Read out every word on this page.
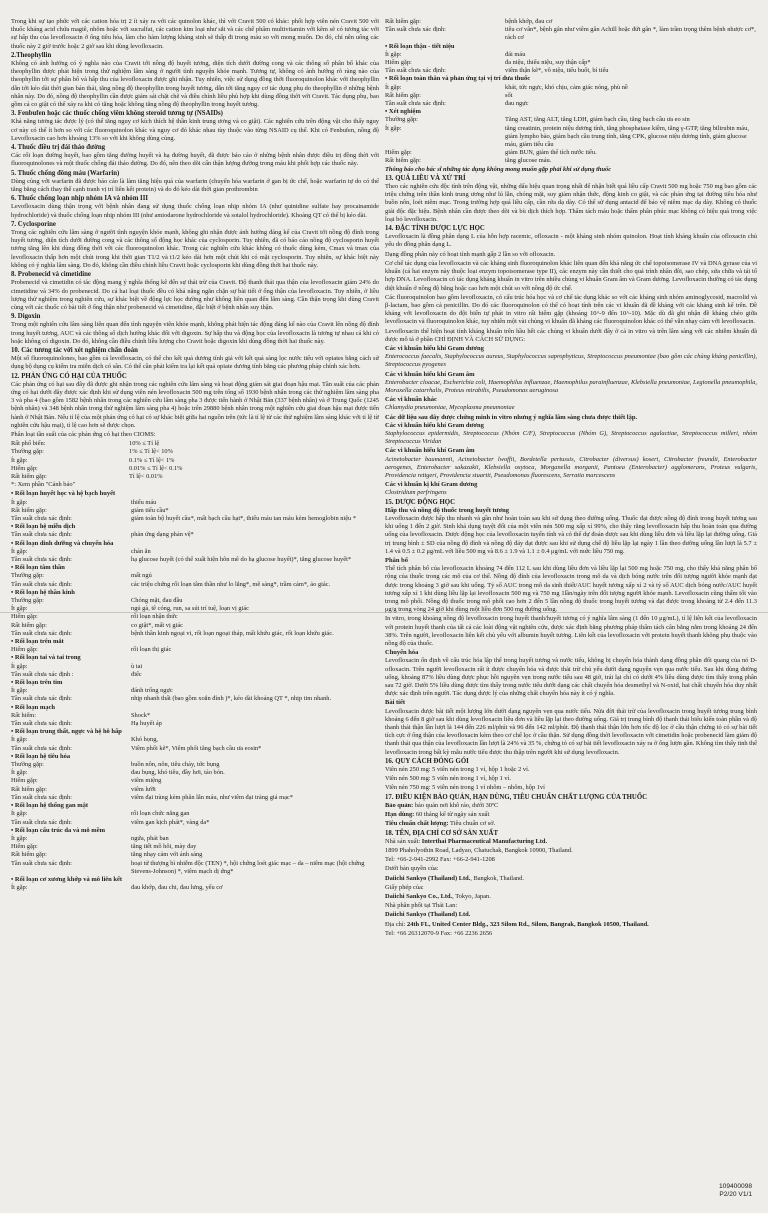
Trong khi sự tạo phức với các cation hóa trị 2 ít xảy ra với các quinolon khác, thì với Cravit 500 có khác: phối hợp viên nén Cravit 500 với thuốc kháng acid chứa magiê, nhôm hoặc với sucralfat, các cation kim loại như sắt và các chế phẩm multivitamin với kẽm sẽ có tương tác với sự hấp thu của levofloxacin ở ống tiêu hóa, làm cho hàm lượng kháng sinh sẽ thấp đi trong máu so với mong muốn. Do đó, chỉ nên uống các thuốc này 2 giờ trước hoặc 2 giờ sau khi dùng levofloxacin.

2.Theophyllin

Không có ảnh hưởng có ý nghĩa nào của Cravit tới nồng độ huyết tương, diện tích dưới đường cong và các thông số phân bố khác của theophyllin được phát hiện trong thử nghiệm lâm sàng ở người tình nguyện khỏe mạnh. Tương tự, không có ảnh hưởng rõ ràng nào của theophyllin tới sự phân bố và hấp thu của levofloxacin được ghi nhận. Tuy nhiên, việc sử dụng đồng thời fluoroquinolon khác với theophyllin dẫn tới kéo dài thời gian bán thải, tăng nồng độ theophyllin trong huyết tương, dẫn tới tăng nguy cơ tác dụng phụ do theophyllin ở những bệnh nhân này. Do đó, nồng độ theophyllin cần được giám sát chặt chẽ và điều chỉnh liều phù hợp khi dùng đồng thời với Cravit. Tác dụng phụ, bao gồm cả co giật có thể xảy ra khi có tăng hoặc không tăng nồng độ theophyllin trong huyết tương.

3. Fenbufen hoặc các thuốc chống viêm không steroid tương tự (NSAIDs)

Khả năng tương tác được lý (có thể tăng nguy cơ kích thích hệ thần kinh trung ương và co giật). Các nghiên cứu trên động vật cho thấy nguy cơ này có thể ít hơn so với các fluoroquinolon khác và nguy cơ đó khác nhau tùy thuộc vào từng NSAID cụ thể. Khi có Fenbufen, nồng độ Levofloxacin cao hơn khoảng 13% so với khi không dùng cùng.

4. Thuốc điều trị đái tháo đường

Các rối loạn đường huyết, bao gồm tăng đường huyết và hạ đường huyết, đã được báo cáo ở những bệnh nhân được điều trị đồng thời với fluoroquinolones và một thuốc chống đái tháo đường. Do đó, nên theo dõi cẩn thận lượng đường trong máu khi phối hợp các thuốc này.

5. Thuốc chống đông máu (Warfarin)

Dùng cùng với warfarin đã được báo cáo là làm tăng hiệu quả của warfarin (chuyển hóa warfarin ở gan bị ức chế, hoặc warfarin tự do có thể tăng bằng cách thay thế cạnh tranh vị trí liên kết protein) và do đó kéo dài thời gian prothrombin

6. Thuốc chống loạn nhịp nhóm IA và nhóm III

Levofloxacin dùng thận trọng với bệnh nhân đang sử dụng thuốc chống loạn nhịp nhóm IA (như quinidine sulfate hay procainamide hydrochloride) và thuốc chống loạn nhịp nhóm III (như amiodarone hydrochloride và sotalol hydrochloride). Khoảng QT có thể bị kéo dài.

7. Cyclosporine

Trong các nghiên cứu lâm sàng ở người tình nguyện khỏe mạnh, không ghi nhận được ảnh hưởng đáng kể của Cravit tới nồng độ đỉnh trong huyết tương, diện tích dưới đường cong và các thông số động học khác của cyclosporin. Tuy nhiên, đã có báo cáo nồng độ cyclosporin huyết tương tăng lên khi dùng đồng thời với các fluoroquinolon khác. Trong các nghiên cứu khác không có thuốc dùng kèm, Cmax và tmax của levofloxacin thấp hơn một chút trong khi thời gian T1/2 và t1/2 kéo dài hơn một chút khi có mặt cyclosporin. Tuy nhiên, sự khác biệt này không có ý nghĩa lâm sàng. Do đó, không cần điều chỉnh liều Cravit hoặc cyclosporin khi dùng đồng thời hai thuốc này.

8. Probenecid và cimetidine

Probenecid và cimetidin có tác động mang ý nghĩa thống kê đến sự thải trừ của Cravit. Độ thanh thải qua thận của levofloxacin giảm 24% do cimetidine và 34% do probenecid. Do cả hai loại thuốc đều có khả năng ngăn chặn sự bài tiết ở ống thận của levofloxacin. Tuy nhiên, ở liều lượng thử nghiệm trong nghiên cứu, sự khác biệt về động lực học đường như không liên quan đến lâm sàng. Cần thận trọng khi dùng Cravit cùng với các thuốc có bài tiết ở ống thận như probenecid và cimetidine, đặc biệt ở bệnh nhân suy thận.

9. Digoxin

Trong một nghiên cứu lâm sàng liên quan đến tình nguyện viên khỏe mạnh, không phát hiện tác động đáng kể nào của Cravit lên nồng độ đỉnh trong huyết tương, AUC và các thông số dịch hướng khác đối với digoxin. Sự hấp thu và động học của levofloxacin là tương tự nhau cả khi có hoặc không có digoxin. Do đó, không cần điều chỉnh liều lượng cho Cravit hoặc digoxin khi dùng đồng thời hai thuốc này.

10. Các tương tác với xét nghiệm chẩn đoán

Một số fluoroquinolones, bao gồm cả levofloxacin, có thể cho kết quả dương tính giả với kết quả sàng lọc nước tiểu với opiates bằng cách sử dụng bộ dụng cụ kiểm tra miễn dịch có sẵn. Có thể cần phải kiểm tra lại kết quả opiate dương tính bằng các phương pháp chính xác hơn.

12. PHẢN ỨNG CÓ HẠI CỦA THUỐC

Các phản ứng có hại sau đây đã được ghi nhận trong các nghiên cứu lâm sàng và hoạt động giám sát giai đoạn hậu mại. Tần suất của các phản ứng có hại dưới đây được xác định khi sử dụng viên nén levofloxacin 500 mg trên tổng số 1930 bệnh nhân trong các thử nghiệm lâm sàng pha 3 và pha 4 (bao gồm 1582 bệnh nhân trong các nghiên cứu lâm sàng pha 3 được tiến hành ở Nhật Bản (337 bệnh nhân) và ở Trung Quốc (1245 bệnh nhân) và 348 bệnh nhân trong thử nghiệm lâm sàng pha 4) hoặc trên 29880 bệnh nhân trong một nghiên cứu giai đoạn hậu mại được tiến hành ở Nhật Bản. Nếu tỉ lệ của một phản ứng có hại có sự khác biệt giữa hai nguồn trên (tức là tỉ lệ từ các thử nghiệm lâm sàng khác với tỉ lệ từ nghiên cứu hậu mại), tỉ lệ cao hơn sẽ được chọn.

Phân loại tần suất của các phản ứng có hại theo CIOMS:

Rất phổ biến:	10% ≤ Tỉ lệ
Thường gặp:	1% ≤ Tỉ lệ< 10%
Ít gặp:	0.1% ≤ Tỉ lệ< 1%
Hiếm gặp:	0.01% ≤ Tỉ lệ< 0.1%
Rất hiếm gặp:	Tỉ lệ< 0.01%

*: Xem phần "Cảnh báo"

• Rối loạn huyết học và hệ bạch huyết
Ít gặp:	thiếu máu
Rất hiếm gặp:	giảm tiểu cầu*
Tần suất chưa xác định:	giảm toàn bộ huyết cầu*, mất bạch cầu hạt*, thiếu máu tan máu kèm hemoglobin niệu *
• Rối loạn hệ miễn dịch
Tần suất chưa xác định:	phản ứng dạng phản vệ*
• Rối loạn dinh dưỡng và chuyển hóa
Ít gặp:	chán ăn
Tần suất chưa xác định:	hạ glucose huyết (có thể xuất hiện hôn mê do hạ glucose huyết)*, tăng glucose huyết*
• Rối loạn tâm thần
Thường gặp:	mất ngủ
Tần suất chưa xác định:	các triệu chứng rối loạn tâm thần như lo lắng*, mê sảng*, trầm cảm*, ảo giác.
• Rối loạn hệ thần kinh
Thường gặp:	Chóng mặt, đau đầu
Ít gặp:	ngủ gà, tê cóng, run, sa sút trí tuệ, loạn vị giác
Hiếm gặp:	rối loạn nhận thức
Rất hiếm gặp:	co giật*, mất vị giác
Tần suất chưa xác định:	bệnh thần kinh ngoại vi, rối loạn ngoại tháp, mất khứu giác, rối loạn khứu giác.
• Rối loạn trên mắt
Hiếm gặp:	rối loạn thị giác
• Rối loạn tai và tai trong
Ít gặp:	ù tai
Tần suất chưa xác định :	điếc
• Rối loạn trên tim
Ít gặp:	đánh trống ngực
Tần suất chưa xác định:	nhịp nhanh thất (bao gồm xoắn đỉnh )*, kéo dài khoảng QT *, nhịp tim nhanh.
• Rối loạn mạch
Rất hiếm:	Shock*
Tần suất chưa xác định:	Hạ huyết áp
• Rối loạn trung thất, ngực và hệ hô hấp
Ít gặp:	Khó họng,
Tần suất chưa xác định:	Viêm phổi kẽ*, Viêm phổi tăng bạch cầu ưa eosin*
• Rối loạn hệ tiêu hóa
Thường gặp:	buồn nôn, nôn, tiêu chảy, tức bụng
Ít gặp:	đau bụng, khó tiêu, đầy hơi, táo bón.
Hiếm gặp:	viêm miệng
Rất hiếm gặp:	viêm lưỡi
Tần suất chưa xác định:	viêm đại tràng kèm phân lẫn máu, như viêm đại tràng giả mạc*
• Rối loạn hệ thống gan mật
Ít gặp:	rối loạn chức năng gan
Tần suất chưa xác định:	viêm gan kịch phát*, vàng da*
• Rối loạn cấu trúc da và mô mềm
Ít gặp:	ngứa, phát ban
Hiếm gặp:	tăng tiết mồ hôi, mày đay
Rất hiếm gặp:	tăng nhạy cảm với ánh sáng
Tần suất chưa xác định:	hoại tử thượng bì nhiễm độc (TEN) *, hội chứng loét giác mạc – da – niêm mạc (hội chứng Stevens-Johnson) *, viêm mạch dị ứng*
• Rối loạn cơ xương khớp và mô liên kết
Ít gặp:	đau khớp, đau chi, đau lưng, yếu cơ
Rất hiếm gặp:	bệnh khớp, đau cơ
Tần suất chưa xác định:	tiêu cơ vân*, bệnh gân như viêm gân Achill hoặc đứt gân *, làm trầm trọng thêm bệnh nhược cơ*, rách cơ
• Rối loạn thận - tiết niệu
Ít gặp:	đái máu
Hiếm gặp:	đa niệu, thiểu niệu, suy thận cấp*
Tần suất chưa xác định:	viêm thận kẽ*, vô niệu, tiểu buốt, bí tiểu
• Rối loạn toàn thân và phản ứng tại vị trí đưa thuốc
Ít gặp:	khát, tức ngực, khó chịu, cảm giác nóng, phù nề
Rất hiếm gặp:	sốt
Tần suất chưa xác định:	đau ngực
• Xét nghiệm
Thường gặp:	Tăng AST, tăng ALT, tăng LDH, giảm bạch cầu, tăng bạch cầu ưa eo sin
Ít gặp:	tăng creatinin, protein niệu dương tính, tăng phosphatase kiềm, tăng γ-GTP, tăng bilirubin máu, giảm lympho bào, giảm bạch cầu trung tính, tăng CPK, glucose niệu dương tính, giảm glucose máu, giảm tiểu cầu
Hiếm gặp:	giảm BUN, giảm thể tích nước tiểu.
Rất hiếm gặp:	tăng glucose máu.

Thông báo cho bác sĩ những tác dụng không mong muốn gặp phải khi sử dụng thuốc

13. QUÁ LIỀU VÀ XỬ TRÍ

Theo các nghiên cứu độc tính trên động vật, những dấu hiệu quan trọng nhất để nhận biết quá liều cấp Cravit 500 mg hoặc 750 mg bao gồm các triệu chứng trên thần kinh trung ương như lú lẫn, chóng mặt, suy giảm nhận thức, động kinh co giật, và các phản ứng tại đường tiêu hóa như buồn nôn, loét niêm mạc. Trong trường hợp quá liều cấp, cần rửa dạ dày. Có thể sử dụng antacid để bảo vệ niêm mạc dạ dày. Không có thuốc giải độc đặc hiệu. Bệnh nhân cần được theo dõi và bù dịch thích hợp. Thẩm tách máu hoặc thẩm phân phúc mạc không có hiệu quả trong việc loại bỏ levofloxacin.

14. ĐẶC TÍNH DƯỢC LỰC HỌC

Levofloxacin là đồng phân dạng L của hỗn hợp racemic, ofloxacin - một kháng sinh nhóm quinolon. Hoạt tính kháng khuẩn của ofloxacin chủ yếu do đồng phân dạng L.

Dạng đồng phân này có hoạt tính mạnh gấp 2 lần so với ofloxacin.

Cơ chế tác dụng của levofloxacin và các kháng sinh fluoroquinolon khác liên quan đến khả năng ức chế topoisomerase IV và DNA gyrase của vi khuẩn (cả hai enzym này thuộc loại enzym topoisomerase type II), các enzym này cần thiết cho quá trình nhân đôi, sao chép, sửa chữa và tái tổ hợp DNA. Levofloxacin có tác dụng kháng khuẩn in vitro trên nhiều chủng vi khuẩn Gram âm và Gram dương. Levofloxacin thường có tác dụng diệt khuẩn ở nồng độ bằng hoặc cao hơn một chút so với nồng độ ức chế.

Các fluoroquinolon bao gồm levofloxacin, có cấu trúc hóa học và cơ chế tác dụng khác so với các kháng sinh nhóm aminoglycosid, macrolid và β-lactam, bao gồm cả penicillin. Do đó các fluoroquinolon có thể có hoạt tính trên các vi khuẩn đã đề kháng với các kháng sinh kể trên. Đề kháng với levofloxacin do đột biến tự phát in vitro rất hiếm gặp (khoảng 10^-9 đến 10^-10). Mặc dù đã ghi nhận đề kháng chéo giữa levofloxacin và fluoroquinolon khác, tuy nhiên một vài chủng vi khuẩn đã kháng các fluoroquinolon khác có thể vẫn nhạy cảm với levofloxacin.

Levofloxacin thể hiện hoạt tính kháng khuẩn trên hầu hết các chủng vi khuẩn dưới đây ở cả in vitro và trên lâm sàng với các nhiễm khuẩn đã được mô tả ở phần CHỈ ĐỊNH VÀ CÁCH SỬ DỤNG:

Các vi khuẩn hiếu khí Gram dương

Enterococcus faecalis, Staphylococcus aureus, Staphylococcus saprophyticus, Streptococcus pneumoniae (bao gồm các chủng kháng penicillin), Streptococcus pyogenes

Các vi khuẩn hiếu khí Gram âm

Enterobacter cloacae, Escherichia coli, Haemophilus influenzae, Haemophilus parainfluenzae, Klebsiella pneumoniae, Legionella pneumophila, Moraxella catarrhalis, Proteus mirabilis, Pseudomonas aeruginosa

Các vi khuẩn khác

Chlamydia pneumoniae, Mycoplasma pneumoniae

Các dữ liệu sau đây được chứng minh in vitro nhưng ý nghĩa lâm sàng chưa được thiết lập.
Các vi khuẩn hiếu khí Gram dương

Staphylococcus epidermidis, Streptococcus (Nhóm C/F), Streptococcus (Nhóm G), Streptococcus agalactiae, Streptococcus milleri, nhóm Streptococcus Viridan

Các vi khuẩn hiếu khí Gram âm

Acinetobacter baumannii, Acinetobacter lwoffii, Bordetella pertussis, Citrobacter (diversus) koseri, Citrobacter freundii, Enterobacter aerogenes, Enterobacter sakazakii, Klebsiella oxytoca, Morganella morganii, Pantoea (Enterobacter) agglomerans, Proteus vulgaris, Providencia rettgeri, Providencia stuartii, Pseudomonas fluorescens, Serratia marcescens

Các vi khuẩn kị khí Gram dương

Clostridium perfringens

15. DƯỢC ĐỘNG HỌC
Hấp thu và nồng độ thuốc trong huyết tương

Levofloxacin được hấp thu nhanh và gần như hoàn toàn sau khi sử dụng theo đường uống. Thuốc đạt được nồng độ đỉnh trong huyết tương sau khi uống 1 đến 2 giờ. Sinh khả dụng tuyệt đối của một viên nén 500 mg xấp xỉ 99%, cho thấy rằng levofloxacin hấp thu hoàn toàn qua đường uống của levofloxacin. Dược động học của levofloxacin tuyến tính và có thể dự đoán được sau khi dùng liều đơn và liều lặp lại đường uống. Giá trị trung bình ± SD của nồng độ đỉnh và nồng độ đáy đạt được sau khi sử dụng chế độ liều lặp lại ngày 1 lần theo đường uống lần lượt là 5.7 ± 1.4 và 0.5 ± 0.2 μg/mL với liều 500 mg và 8.6 ± 1.9 và 1.1 ± 0.4 μg/mL với mức liều 750 mg.

Phân bố

Thể tích phân bố của levofloxacin khoảng 74 đến 112 L sau khi dùng liều đơn và liều lặp lại 500 mg hoặc 750 mg, cho thấy khả năng phân bố rộng của thuốc trong các mô của cơ thể. Nồng độ đỉnh của levofloxacin trong mô da và dịch bóng nước trên đối tượng người khỏe mạnh đạt được trong khoảng 3 giờ sau khi uống. Tỷ số AUC trong mô da sinh thiết/AUC huyết tương xấp xỉ 2 và tỷ số AUC dịch bóng nước/AUC huyết tương xấp xỉ 1 khi dùng liều lặp lại levofloxacin 500 mg và 750 mg 1lần/ngày trên đối tượng người khỏe mạnh. Levofloxacin cũng thấm tốt vào trong mô phổi. Nồng độ thuốc trong mô phổi cao hơn 2 đến 5 lần nồng độ thuốc trong huyết tương và đạt được trong khoảng từ 2.4 đến 11.3 μg/g trong vòng 24 giờ khi dùng một liều đơn 500 mg đường uống.

In vitro, trong khoảng nồng độ levofloxacin trong huyết thanh/huyết tương có ý nghĩa lâm sàng (1 đến 10 μg/mL), tỉ lệ liên kết của levofloxacin với protein huyết thanh của tất cả các loài động vật nghiên cứu, được xác định bằng phương pháp thẩm tách cân bằng nằm trong khoảng 24 đến 38%. Trên người, levofloxacin liên kết chủ yếu với albumin huyết tương. Liên kết của levofloxacin với protein huyết thanh không phụ thuộc vào nồng độ của thuốc.

Chuyển hóa

Levofloxacin ổn định về cấu trúc hóa lập thể trong huyết tương và nước tiểu, không bị chuyển hóa thành dạng đồng phân đối quang của nó D-ofloxacin. Trên người levofloxacin rất ít được chuyển hóa và được thải trừ chủ yếu dưới dạng nguyên vẹn qua nước tiểu. Sau khi dùng đường uống, khoảng 87% liều dùng được phục hồi nguyên vẹn trong nước tiểu sau 48 giờ, trái lại chỉ có dưới 4% liều dùng được tìm thấy trong phân sau 72 giờ. Dưới 5% liều dùng được tìm thấy trong nước tiểu dưới dạng các chất chuyển hóa desmethyl và N-oxid, hai chất chuyển hóa duy nhất được xác định trên người. Tác dụng dược lý của những chất chuyển hóa này ít có ý nghĩa.

Bài tiết

Levofloxacin được bài tiết một lượng lớn dưới dạng nguyên vẹn qua nước tiểu. Nửa đời thải trừ của levofloxacin trong huyết tương trung bình khoảng 6 đến 8 giờ sau khi dùng levofloxacin liều đơn và liều lặp lại theo đường uống. Giá trị trung bình độ thanh thải biểu kiến toàn phần và độ thanh thải thận lần lượt là 144 đến 226 ml/phút và 96 đến 142 ml/phút. Độ thanh thải thận lớn hơn tốc độ lọc ở cầu thận chứng tỏ có sự bài tiết tích cực ở ống thận của levofloxacin kèm theo cơ chế lọc ở cầu thận. Sử dụng đồng thời levofloxacin với cimetidin hoặc probenecid làm giảm độ thanh thải qua thận của levofloxacin lần lượt là 24% và 35 %, chứng tỏ có sự bài tiết levofloxacin xảy ra ở ống lượn gần. Không tìm thấy tinh thể levofloxacin trong bất kỳ mẫu nước tiểu được thu thập trên người khi sử dụng levofloxacin.

16. QUY CÁCH ĐÓNG GÓI

Viên nén 250 mg: 5 viên nén trong 1 vỉ, hộp 1 hoặc 2 vỉ.

Viên nén 500 mg: 5 viên nén trong 1 vỉ, hộp 1 vỉ.

Viên nén 750 mg: 5 viên nén trong 1 vỉ nhôm – nhôm, hộp 1vỉ

17. ĐIỀU KIỆN BẢO QUẢN, HẠN DÙNG, TIÊU CHUẨN CHẤT LƯỢNG CỦA THUỐC

Bảo quản: bảo quản nơi khô ráo, dưới 30ºC

Hạn dùng: 60 tháng kể từ ngày sản xuất

Tiêu chuẩn chất lượng: Tiêu chuẩn cơ sở.

18. TÊN, ĐỊA CHỈ CƠ SỞ SẢN XUẤT

Nhà sản xuất: Interthai Pharmaceutical Manufacturing Ltd.

1899 Phaholyothin Road, Ladyao, Chatuchak, Bangkok 10900, Thailand.

Tel: +66-2-941-2992 Fax: +66-2-941-1208

Dưới bản quyền của:

Daiichi Sankyo (Thailand) Ltd., Bangkok, Thailand.

Giấy phép của:

Daiichi Sankyo Co., Ltd., Tokyo, Japan.

Nhà phân phối tại Thái Lan:

Daiichi Sankyo (Thailand) Ltd.

Địa chỉ: 24th FL, United Center Bldg., 323 Silom Rd., Silom, Bangrak, Bangkok 10500, Thailand.

Tel: +66 26312070-9 Fax: +66 2236 2656

109400098
P2/20 V1/1
